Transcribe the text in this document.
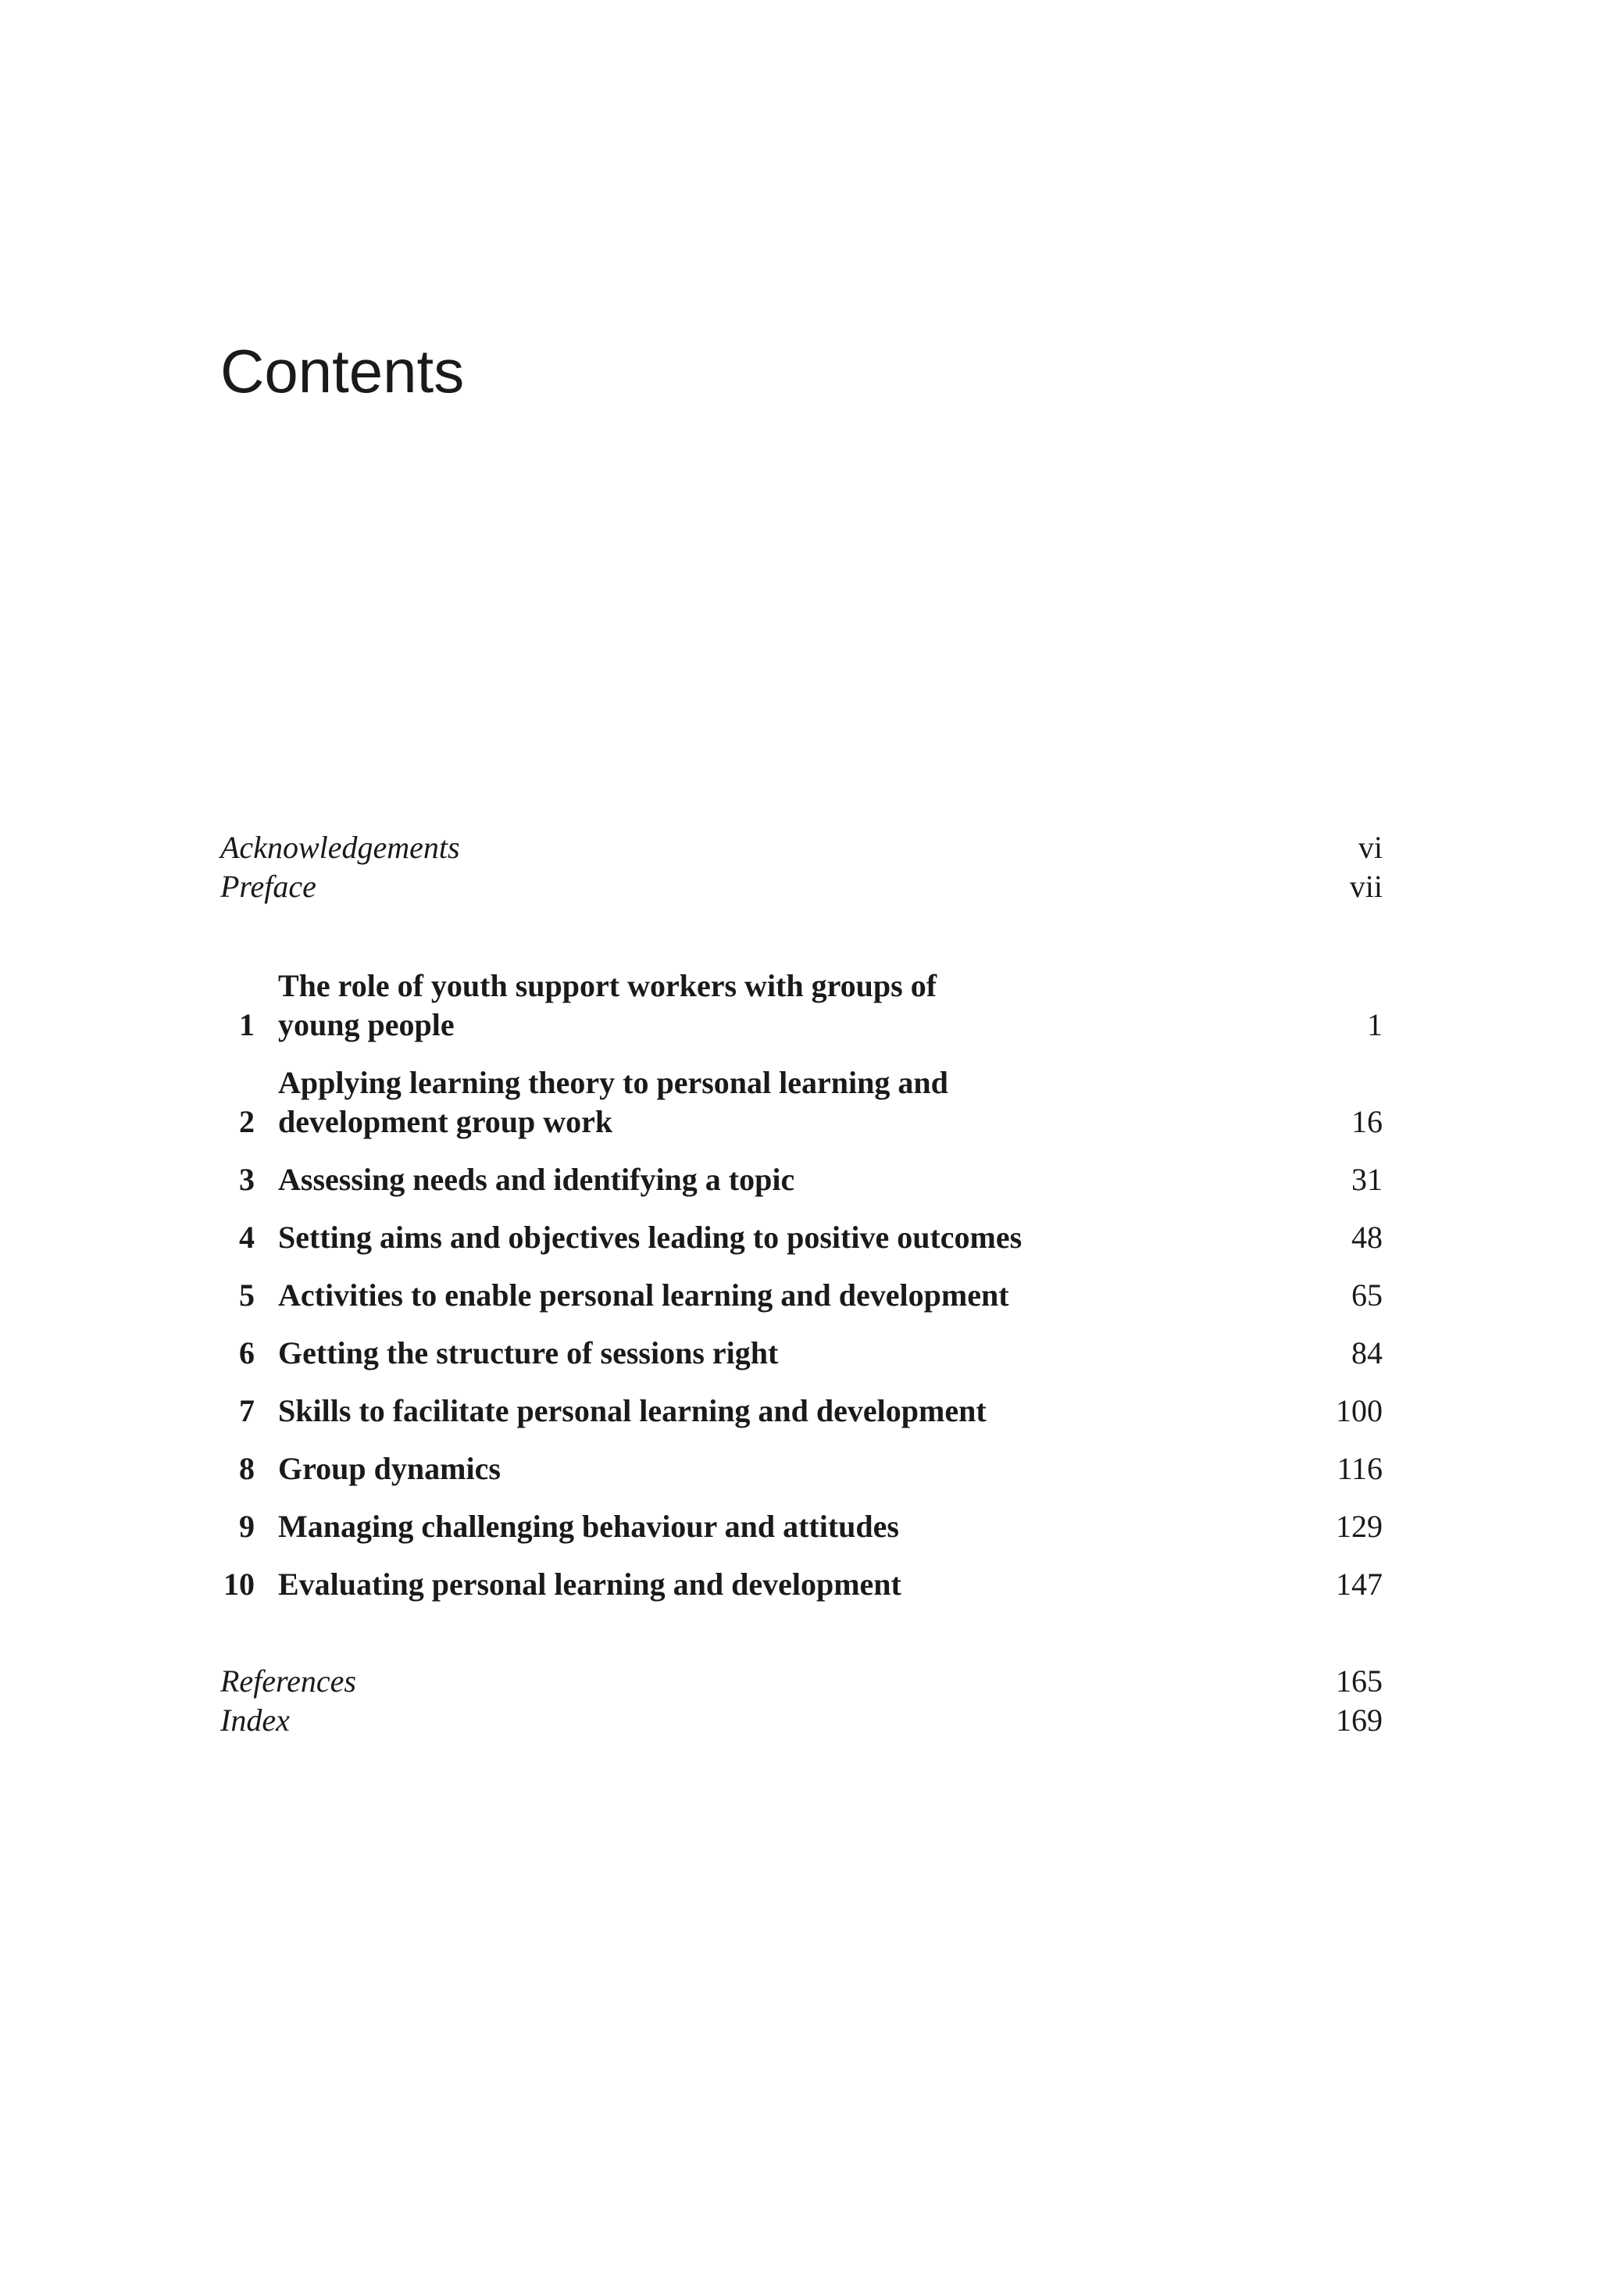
Contents
Acknowledgements	vi
Preface	vii
1
The role of youth support workers with groups of
young people	1
2
Applying learning theory to personal learning and
development group work	16
3 Assessing needs and identifying a topic	31
4 Setting aims and objectives leading to positive outcomes	48
5 Activities to enable personal learning and development	65
6 Getting the structure of sessions right	84
7 Skills to facilitate personal learning and development	100
8 Group dynamics	116
9 Managing challenging behaviour and attitudes	129
10 Evaluating personal learning and development	147
References	165
Index	169
